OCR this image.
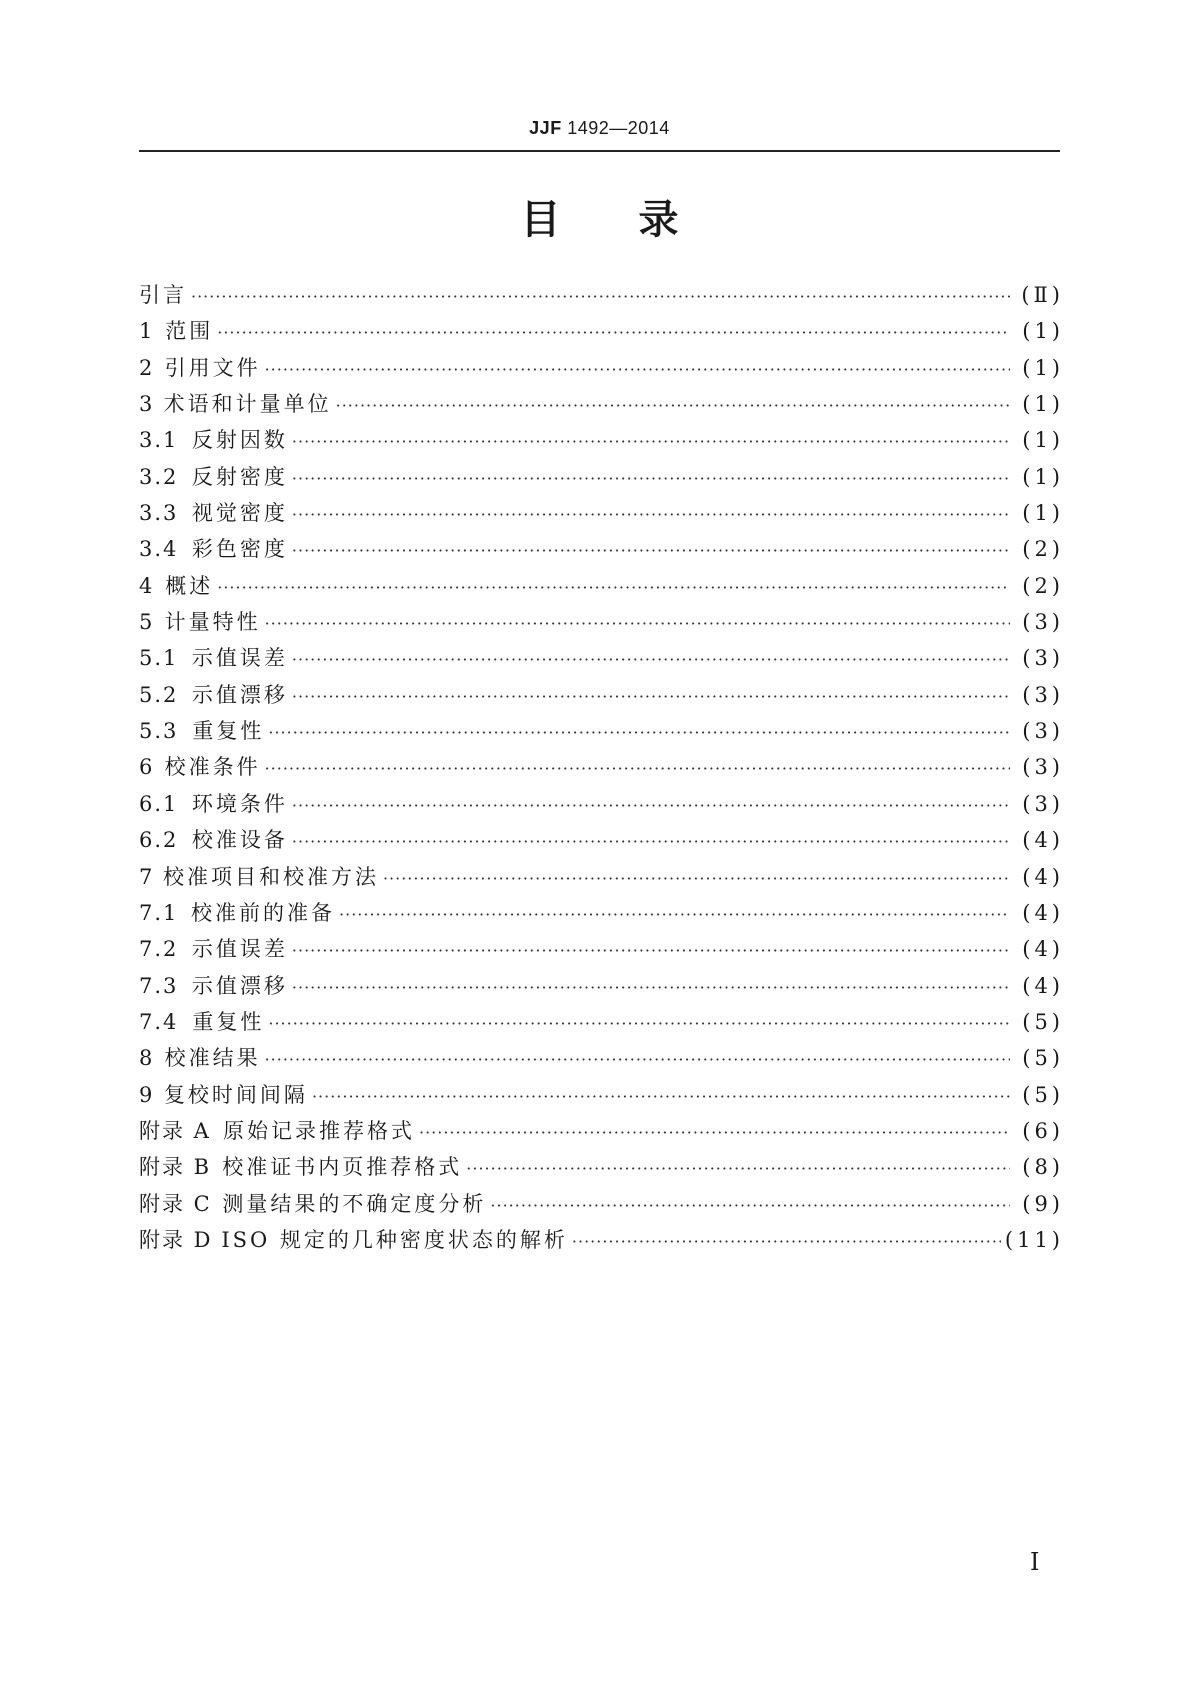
JJF 1492—2014
目录
引言 ·····	(Ⅱ)
1 范围 ·····	(1)
2 引用文件 ·····	(1)
3 术语和计量单位 ·····	(1)
3.1 反射因数 ·····	(1)
3.2 反射密度 ·····	(1)
3.3 视觉密度 ·····	(1)
3.4 彩色密度 ·····	(2)
4 概述 ·····	(2)
5 计量特性 ·····	(3)
5.1 示值误差 ·····	(3)
5.2 示值漂移 ·····	(3)
5.3 重复性 ·····	(3)
6 校准条件 ·····	(3)
6.1 环境条件 ·····	(3)
6.2 校准设备 ·····	(4)
7 校准项目和校准方法 ·····	(4)
7.1 校准前的准备 ·····	(4)
7.2 示值误差 ·····	(4)
7.3 示值漂移 ·····	(4)
7.4 重复性 ·····	(5)
8 校准结果 ·····	(5)
9 复校时间间隔 ·····	(5)
附录 A 原始记录推荐格式 ·····	(6)
附录 B 校准证书内页推荐格式 ·····	(8)
附录 C 测量结果的不确定度分析 ·····	(9)
附录 D ISO 规定的几种密度状态的解析 ·····	(11)
Ⅰ
